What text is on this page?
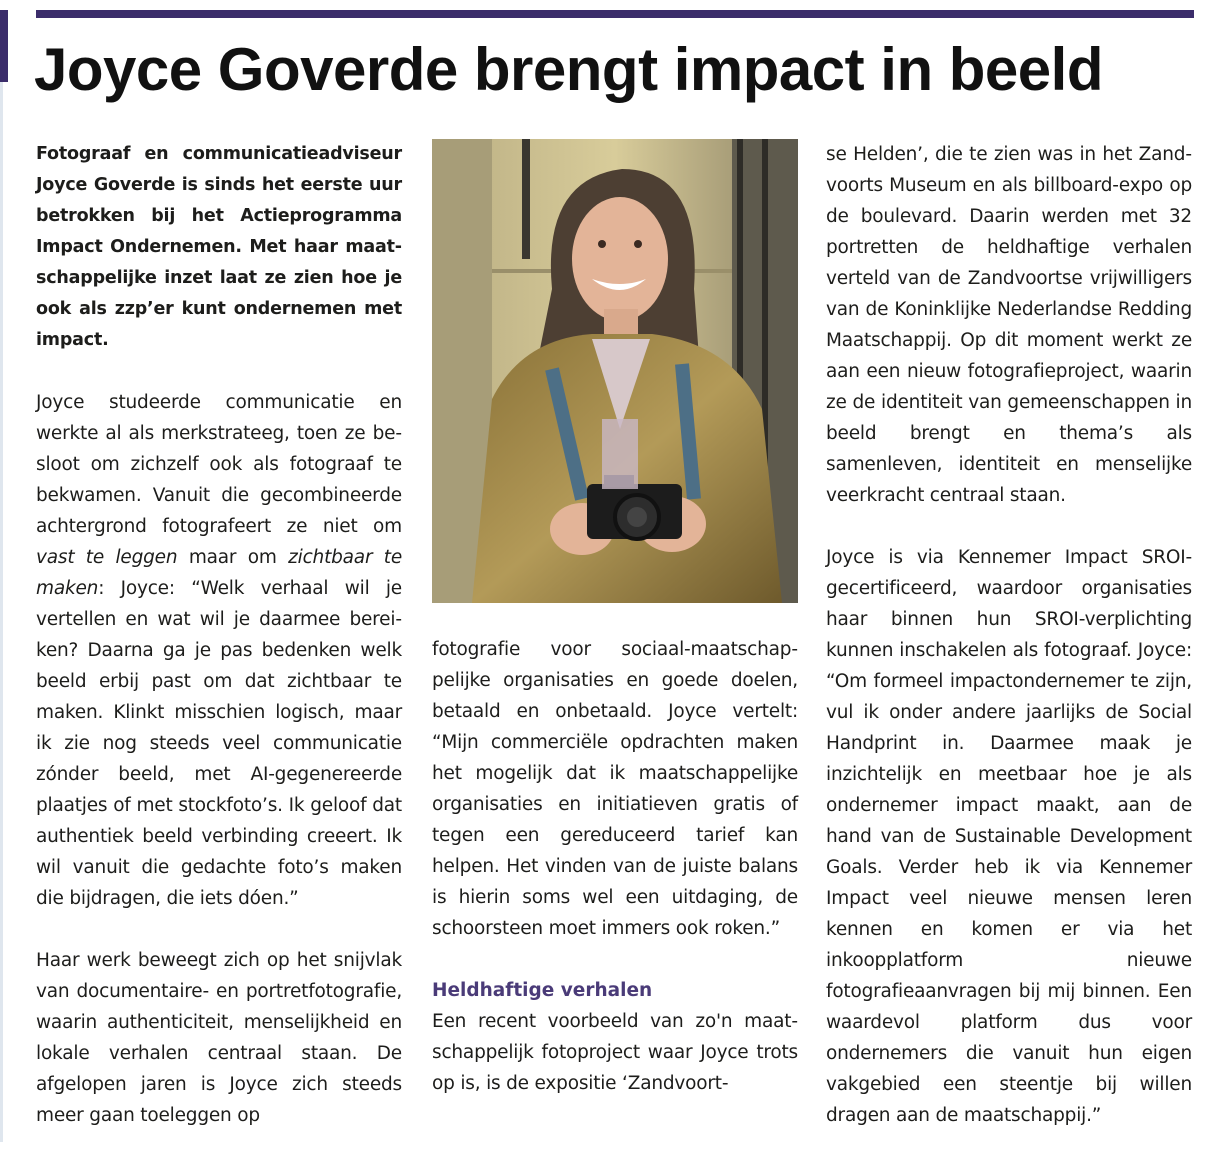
Joyce Goverde brengt impact in beeld

Fotograaf en communicatieadviseur Joyce Goverde is sinds het eerste uur betrokken bij het Actieprogramma Impact Ondernemen. Met haar maatschappelijke inzet laat ze zien hoe je ook als zzp’er kunt ondernemen met impact.

Joyce studeerde communicatie en werkte al als merkstrateeg, toen ze besloot om zichzelf ook als fotograaf te bekwamen. Vanuit die gecombineerde achtergrond fotografeert ze niet om vast te leggen maar om zichtbaar te maken: Joyce: “Welk verhaal wil je vertellen en wat wil je daarmee bereiken? Daarna ga je pas bedenken welk beeld erbij past om dat zichtbaar te maken. Klinkt misschien logisch, maar ik zie nog steeds veel communicatie zónder beeld, met AI-gegenereerde plaatjes of met stockfoto’s. Ik geloof dat authentiek beeld verbinding creeert. Ik wil vanuit die gedachte foto’s maken die bijdragen, die iets dóen.”

Haar werk beweegt zich op het snijvlak van documentaire- en portretfotografie, waarin authenticiteit, menselijkheid en lokale verhalen centraal staan. De afgelopen jaren is Joyce zich steeds meer gaan toeleggen op

fotografie voor sociaal-maatschappelijke organisaties en goede doelen, betaald en onbetaald. Joyce vertelt: “Mijn commerciële opdrachten maken het mogelijk dat ik maatschappelijke organisaties en initiatieven gratis of tegen een gereduceerd tarief kan helpen. Het vinden van de juiste balans is hierin soms wel een uitdaging, de schoorsteen moet immers ook roken.”

Heldhaftige verhalen

Een recent voorbeeld van zo'n maatschappelijk fotoproject waar Joyce trots op is, is de expositie ‘Zandvoort-

se Helden’, die te zien was in het Zandvoorts Museum en als billboard-expo op de boulevard. Daarin werden met 32 portretten de heldhaftige verhalen verteld van de Zandvoortse vrijwilligers van de Koninklijke Nederlandse Redding Maatschappij. Op dit moment werkt ze aan een nieuw fotografieproject, waarin ze de identiteit van gemeenschappen in beeld brengt en thema’s als samenleven, identiteit en menselijke veerkracht centraal staan.

Joyce is via Kennemer Impact SROI-gecertificeerd, waardoor organisaties haar binnen hun SROI-verplichting kunnen inschakelen als fotograaf. Joyce: “Om formeel impactondernemer te zijn, vul ik onder andere jaarlijks de Social Handprint in. Daarmee maak je inzichtelijk en meetbaar hoe je als ondernemer impact maakt, aan de hand van de Sustainable Development Goals. Verder heb ik via Kennemer Impact veel nieuwe mensen leren kennen en komen er via het inkoopplatform nieuwe fotografieaanvragen bij mij binnen. Een waardevol platform dus voor ondernemers die vanuit hun eigen vakgebied een steentje bij willen dragen aan de maatschappij.”
